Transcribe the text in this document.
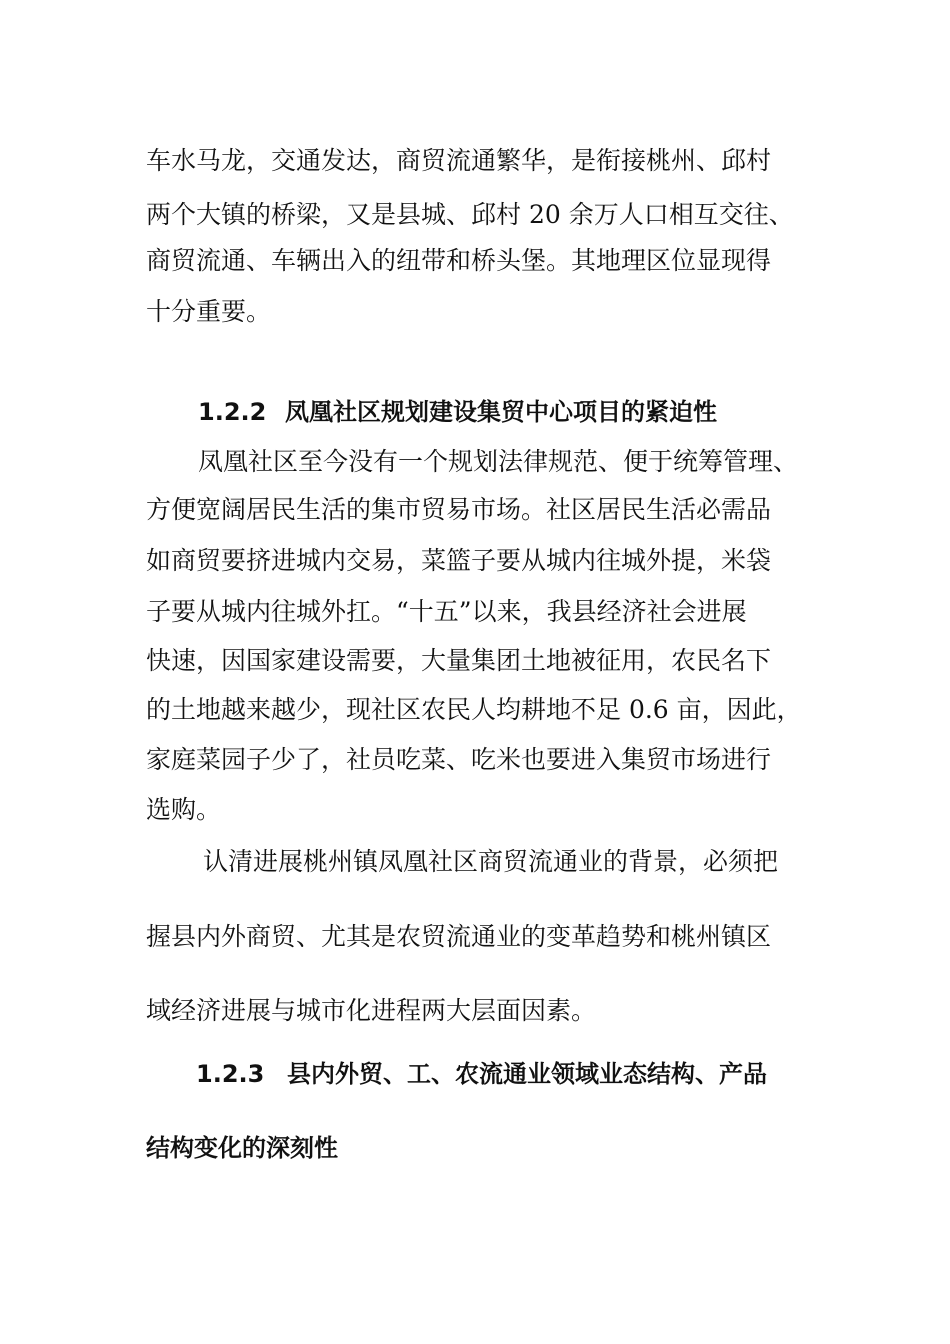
车水马龙，交通发达，商贸流通繁华，是衔接桃州、邱村

两个大镇的桥梁，又是县城、邱村 20 余万人口相互交往、

商贸流通、车辆出入的纽带和桥头堡。其地理区位显现得

十分重要。

1.2.2 凤凰社区规划建设集贸中心项目的紧迫性

凤凰社区至今没有一个规划法律规范、便于统筹管理、

方便宽阔居民生活的集市贸易市场。社区居民生活必需品

如商贸要挤进城内交易，菜篮子要从城内往城外提，米袋

子要从城内往城外扛。“十五”以来，我县经济社会进展

快速，因国家建设需要，大量集团土地被征用，农民名下

的土地越来越少，现社区农民人均耕地不足 0.6 亩，因此，

家庭菜园子少了，社员吃菜、吃米也要进入集贸市场进行

选购。

认清进展桃州镇凤凰社区商贸流通业的背景，必须把

握县内外商贸、尤其是农贸流通业的变革趋势和桃州镇区

域经济进展与城市化进程两大层面因素。

1.2.3 县内外贸、工、农流通业领域业态结构、产品
结构变化的深刻性
